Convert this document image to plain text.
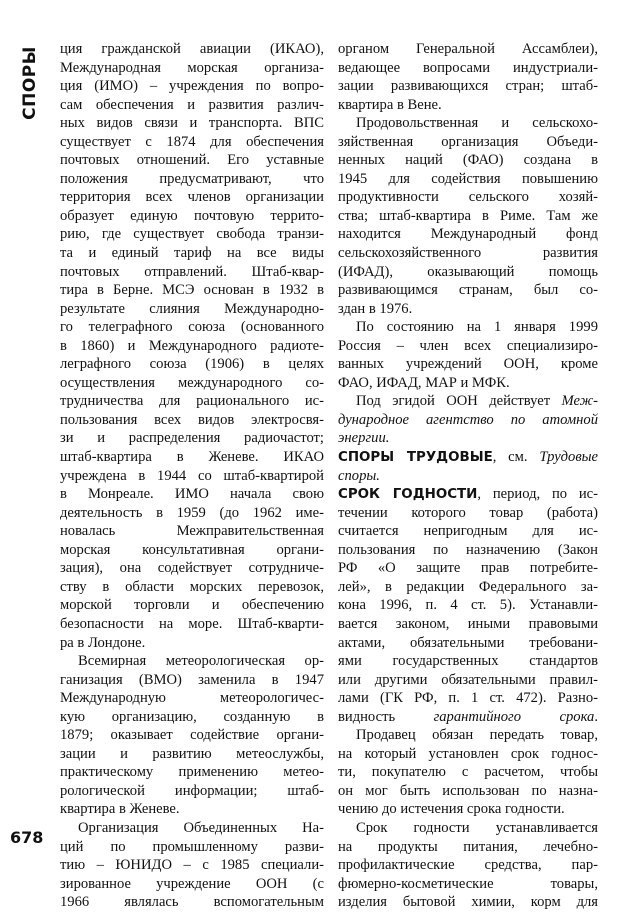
СПОРЫ ция гражданской авиации (ИКАО),
Международная морская организа-
ция (ИМО) – учреждения по вопро-
сам обеспечения и развития различ-
ных видов связи и транспорта. ВПС
существует с 1874 для обеспечения
почтовых отношений. Его уставные
положения предусматривают, что
территория всех членов организации
образует единую почтовую террито-
рию, где существует свобода транзи-
та и единый тариф на все виды
почтовых отправлений. Штаб-квар-
тира в Берне. МСЭ основан в 1932 в
результате слияния Международно-
го телеграфного союза (основанного
в 1860) и Международного радиоте-
леграфного союза (1906) в целях
осуществления международного со-
трудничества для рационального ис-
пользования всех видов электросвя-
зи и распределения радиочастот;
штаб-квартира в Женеве. ИКАО
учреждена в 1944 со штаб-квартирой
в Монреале. ИМО начала свою
деятельность в 1959 (до 1962 име-
новалась Межправительственная
морская консультативная органи-
зация), она содействует сотрудниче-
ству в области морских перевозок,
морской торговли и обеспечению
безопасности на море. Штаб-кварти-
ра в Лондоне.
Всемирная метеорологическая ор-
ганизация (ВМО) заменила в 1947
Международную метеорологичес-
кую организацию, созданную в
1879; оказывает содействие органи-
зации и развитию метеослужбы,
практическому применению метео-
рологической информации; штаб-
квартира в Женеве.
Организация Объединенных На-
ций по промышленному разви-
тию – ЮНИДО – с 1985 специали-
зированное учреждение ООН (с
1966 являлась вспомогательным
органом Генеральной Ассамблеи),
ведающее вопросами индустриали-
зации развивающихся стран; штаб-
квартира в Вене.
Продовольственная и сельскохо-
зяйственная организация Объеди-
ненных наций (ФАО) создана в
1945 для содействия повышению
продуктивности сельского хозяй-
ства; штаб-квартира в Риме. Там же
находится Международный фонд
сельскохозяйственного развития
(ИФАД), оказывающий помощь
развивающимся странам, был со-
здан в 1976.
По состоянию на 1 января 1999
Россия – член всех специализиро-
ванных учреждений ООН, кроме
ФАО, ИФАД, МАР и МФК.
Под эгидой ООН действует Меж-
дународное агентство по атомной
энергии.
СПОРЫ ТРУДОВЫЕ, см. Трудовые
споры.
СРОК ГОДНОСТИ, период, по ис-
течении которого товар (работа)
считается непригодным для ис-
пользования по назначению (Закон
РФ «О защите прав потребите-
лей», в редакции Федерального за-
кона 1996, п. 4 ст. 5). Устанавли-
вается законом, иными правовыми
актами, обязательными требовани-
ями государственных стандартов
или другими обязательными правил-
лами (ГК РФ, п. 1 ст. 472). Разно-
видность гарантийного срока.
Продавец обязан передать товар,
на который установлен срок годнос-
ти, покупателю с расчетом, чтобы
он мог быть использован по назна-
чению до истечения срока годности.
Срок годности устанавливается
на продукты питания, лечебно-
профилактические средства, пар-
фюмерно-косметические товары,
изделия бытовой химии, корм для
678
